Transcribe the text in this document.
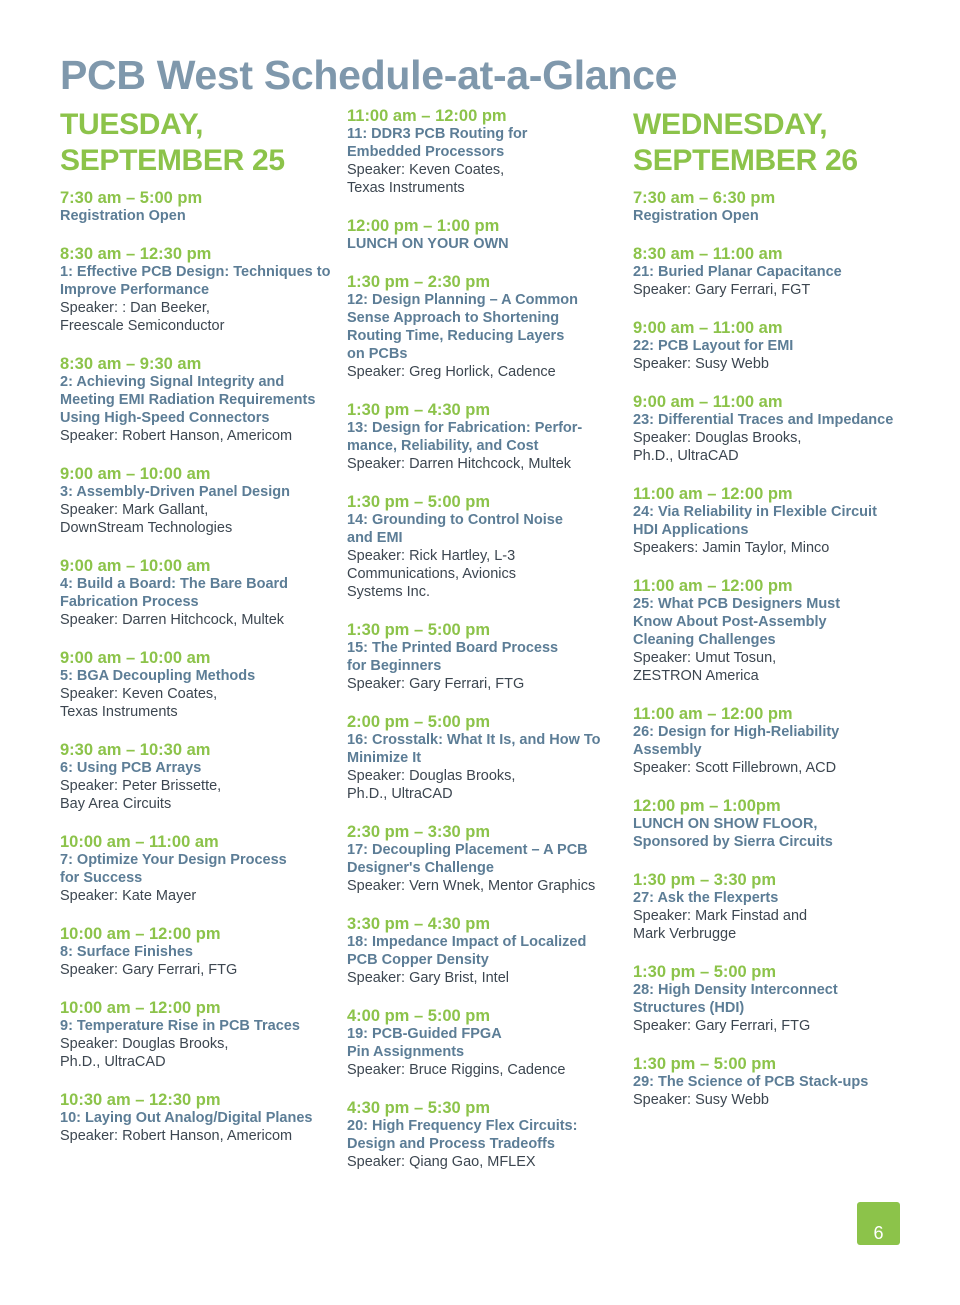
PCB West Schedule-at-a-Glance
TUESDAY,
SEPTEMBER 25
7:30 am – 5:00 pm
Registration Open
8:30 am – 12:30 pm
1: Effective PCB Design: Techniques to
Improve Performance
Speaker: : Dan Beeker,
Freescale Semiconductor
8:30 am – 9:30 am
2: Achieving Signal Integrity and
Meeting EMI Radiation Requirements
Using High-Speed Connectors
Speaker: Robert Hanson, Americom
9:00 am – 10:00 am
3: Assembly-Driven Panel Design
Speaker: Mark Gallant,
DownStream Technologies
9:00 am – 10:00 am
4: Build a Board: The Bare Board
Fabrication Process
Speaker: Darren Hitchcock, Multek
9:00 am – 10:00 am
5: BGA Decoupling Methods
Speaker: Keven Coates,
Texas Instruments
9:30 am – 10:30 am
6: Using PCB Arrays
Speaker: Peter Brissette,
Bay Area Circuits
10:00 am – 11:00 am
7: Optimize Your Design Process
for Success
Speaker: Kate Mayer
10:00 am – 12:00 pm
8: Surface Finishes
Speaker: Gary Ferrari, FTG
10:00 am – 12:00 pm
9: Temperature Rise in PCB Traces
Speaker: Douglas Brooks,
Ph.D., UltraCAD
10:30 am – 12:30 pm
10: Laying Out Analog/Digital Planes
Speaker: Robert Hanson, Americom
11:00 am – 12:00 pm
11: DDR3 PCB Routing for
Embedded Processors
Speaker: Keven Coates,
Texas Instruments
12:00 pm – 1:00 pm
LUNCH ON YOUR OWN
1:30 pm – 2:30 pm
12: Design Planning – A Common
Sense Approach to Shortening
Routing Time, Reducing Layers
on PCBs
Speaker: Greg Horlick, Cadence
1:30 pm – 4:30 pm
13: Design for Fabrication: Perfor-
mance, Reliability, and Cost
Speaker: Darren Hitchcock, Multek
1:30 pm – 5:00 pm
14: Grounding to Control Noise
and EMI
Speaker: Rick Hartley, L-3
Communications, Avionics
Systems Inc.
1:30 pm – 5:00 pm
15: The Printed Board Process
for Beginners
Speaker: Gary Ferrari, FTG
2:00 pm – 5:00 pm
16: Crosstalk: What It Is, and How To
Minimize It
Speaker: Douglas Brooks,
Ph.D., UltraCAD
2:30 pm – 3:30 pm
17: Decoupling Placement – A PCB
Designer's Challenge
Speaker: Vern Wnek, Mentor Graphics
3:30 pm – 4:30 pm
18: Impedance Impact of Localized
PCB Copper Density
Speaker: Gary Brist, Intel
4:00 pm – 5:00 pm
19: PCB-Guided FPGA
Pin Assignments
Speaker: Bruce Riggins, Cadence
4:30 pm – 5:30 pm
20: High Frequency Flex Circuits:
Design and Process Tradeoffs
Speaker: Qiang Gao, MFLEX
WEDNESDAY,
SEPTEMBER 26
7:30 am – 6:30 pm
Registration Open
8:30 am – 11:00 am
21: Buried Planar Capacitance
Speaker: Gary Ferrari, FGT
9:00 am – 11:00 am
22: PCB Layout for EMI
Speaker: Susy Webb
9:00 am – 11:00 am
23: Differential Traces and Impedance
Speaker: Douglas Brooks,
Ph.D., UltraCAD
11:00 am – 12:00 pm
24: Via Reliability in Flexible Circuit
HDI Applications
Speakers: Jamin Taylor, Minco
11:00 am – 12:00 pm
25: What PCB Designers Must
Know About Post-Assembly
Cleaning Challenges
Speaker: Umut Tosun,
ZESTRON America
11:00 am – 12:00 pm
26: Design for High-Reliability
Assembly
Speaker: Scott Fillebrown, ACD
12:00 pm – 1:00pm
LUNCH ON SHOW FLOOR,
Sponsored by Sierra Circuits
1:30 pm – 3:30 pm
27: Ask the Flexperts
Speaker: Mark Finstad and
Mark Verbrugge
1:30 pm – 5:00 pm
28: High Density Interconnect
Structures (HDI)
Speaker: Gary Ferrari, FTG
1:30 pm – 5:00 pm
29: The Science of PCB Stack-ups
Speaker: Susy Webb
6
